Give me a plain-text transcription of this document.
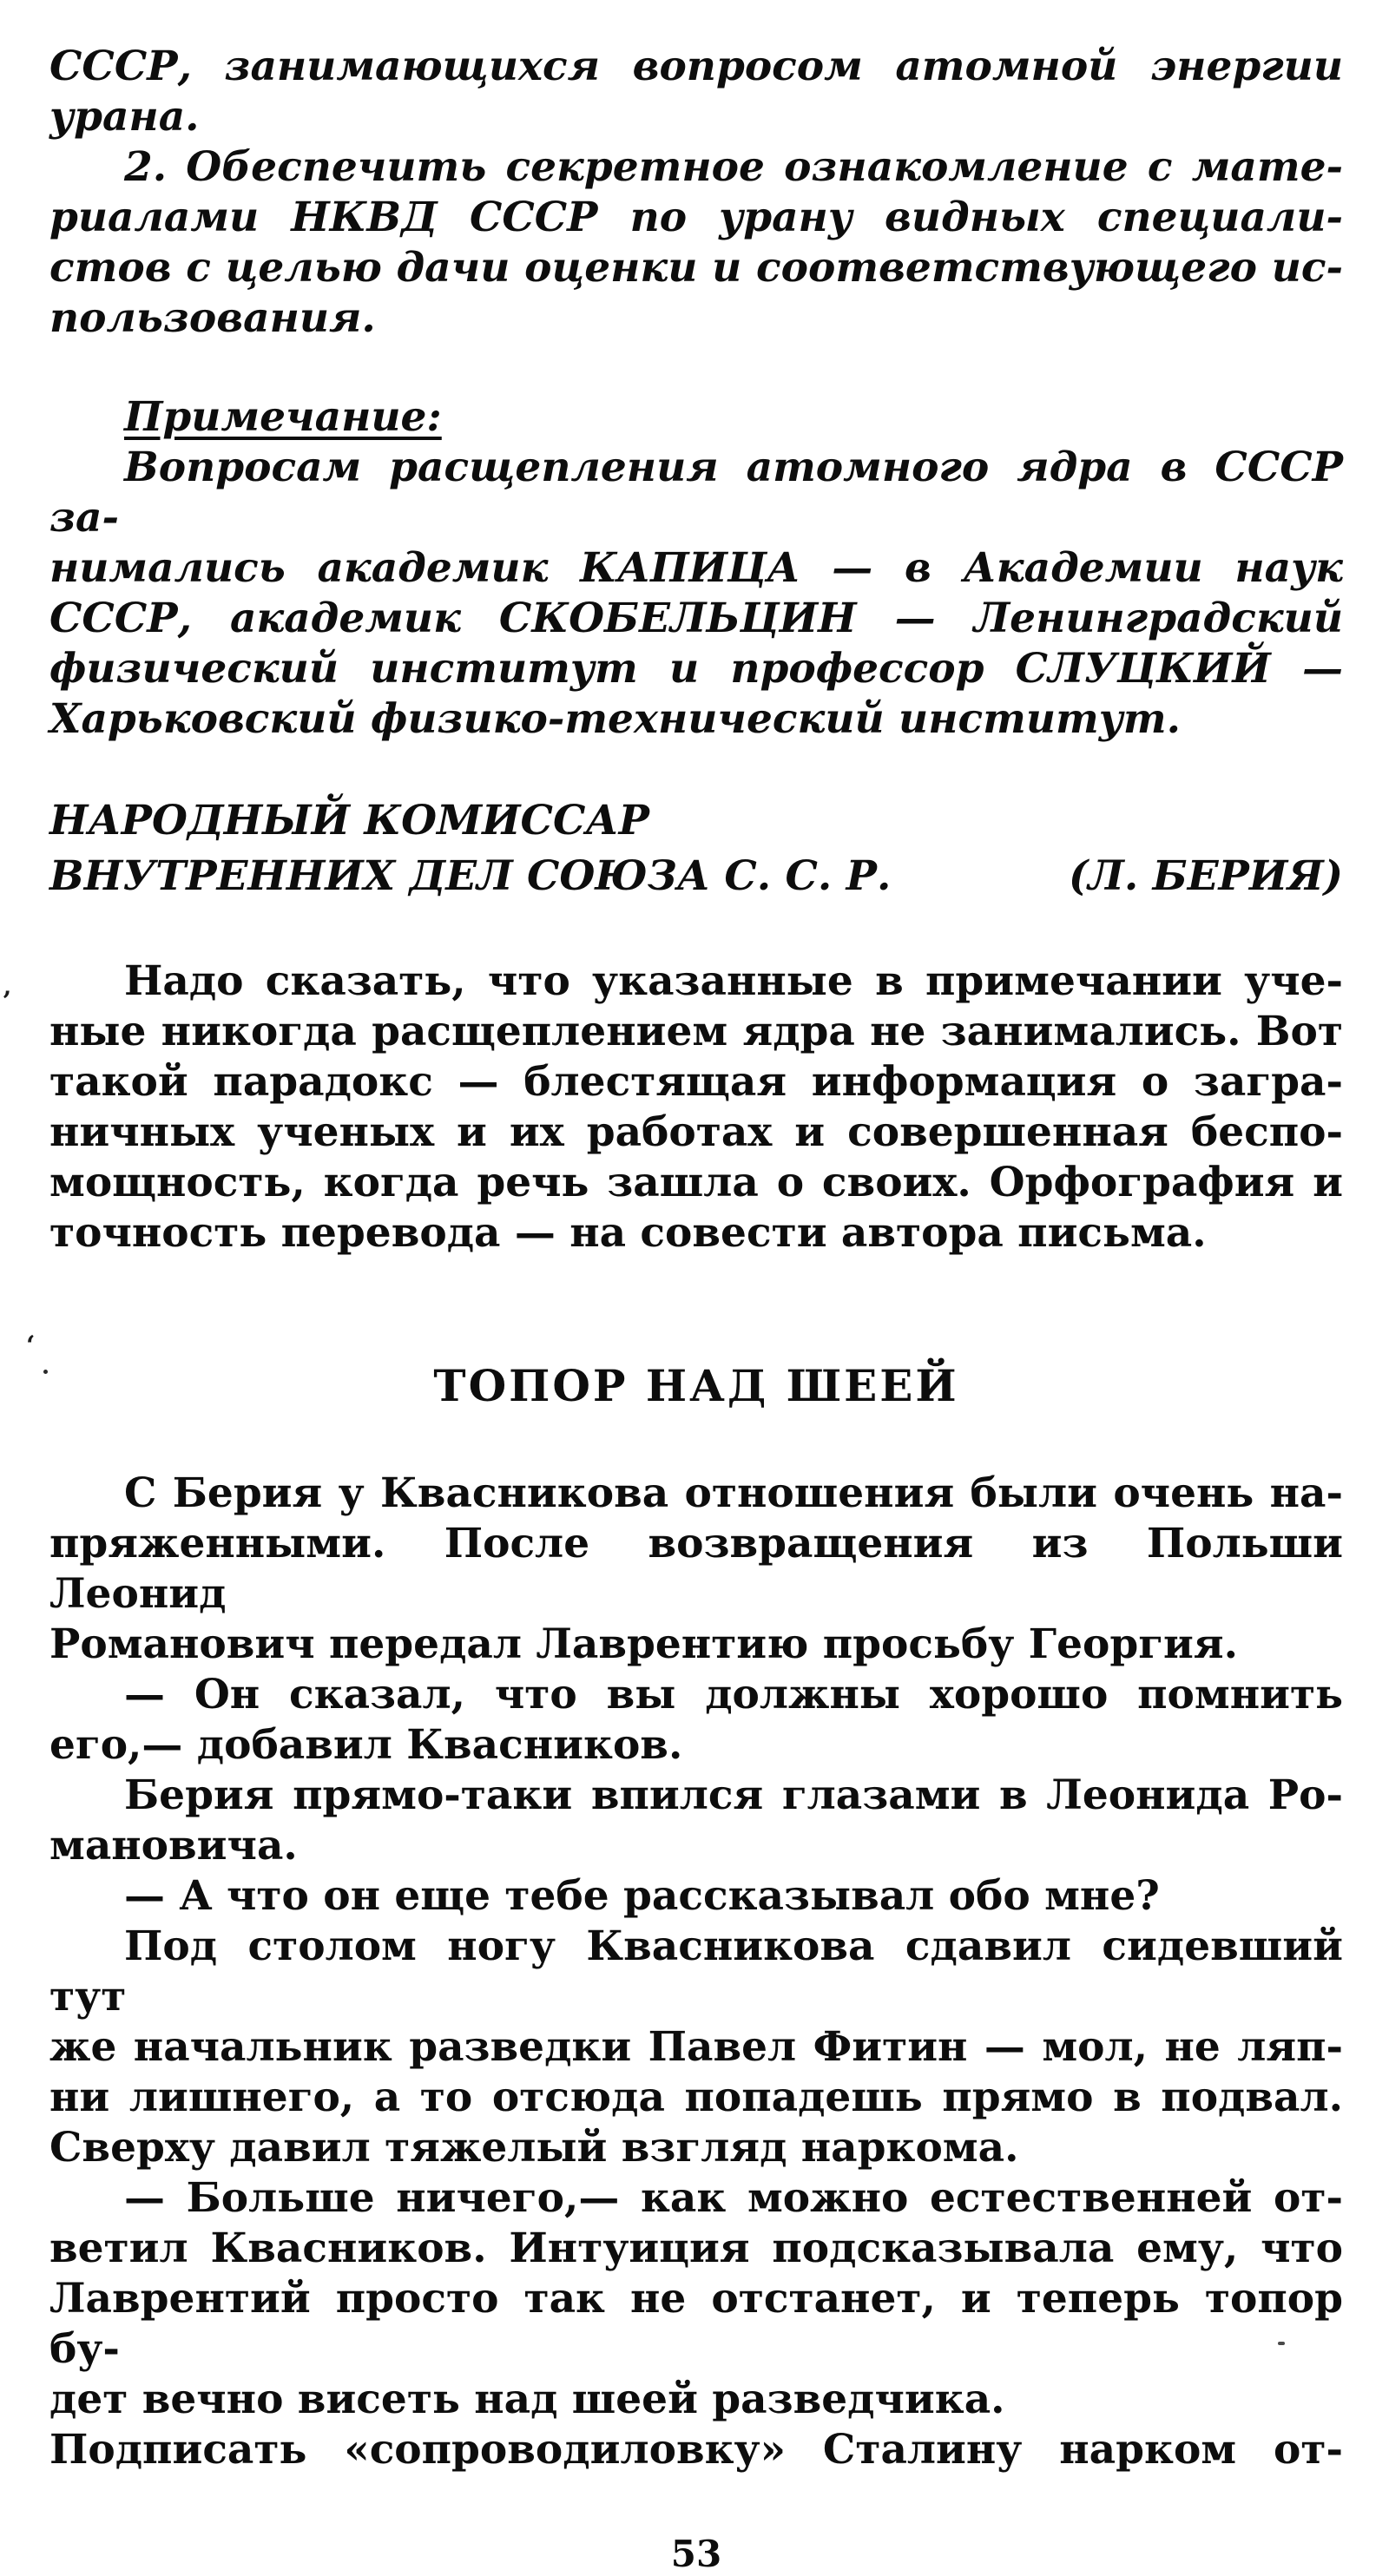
СССР, занимающихся вопросом атомной энергии
урана.
2. Обеспечить секретное ознакомление с мате-
риалами НКВД СССР по урану видных специали-
стов с целью дачи оценки и соответствующего ис-
пользования.
Примечание:
Вопросам расщепления атомного ядра в СССР за-
нимались академик КАПИЦА — в Академии наук
СССР, академик СКОБЕЛЬЦИН — Ленинградский
физический институт и профессор СЛУЦКИЙ —
Харьковский физико-технический институт.
НАРОДНЫЙ КОМИССАР
ВНУТРЕННИХ ДЕЛ СОЮЗА С. С. Р.	(Л. БЕРИЯ)
Надо сказать, что указанные в примечании уче-
ные никогда расщеплением ядра не занимались. Вот
такой парадокс — блестящая информация о загра-
ничных ученых и их работах и совершенная беспо-
мощность, когда речь зашла о своих. Орфография и
точность перевода — на совести автора письма.
ТОПОР НАД ШЕЕЙ
С Берия у Квасникова отношения были очень на-
пряженными. После возвращения из Польши Леонид
Романович передал Лаврентию просьбу Георгия.
— Он сказал, что вы должны хорошо помнить
его,— добавил Квасников.
Берия прямо-таки впился глазами в Леонида Ро-
мановича.
— А что он еще тебе рассказывал обо мне?
Под столом ногу Квасникова сдавил сидевший тут
же начальник разведки Павел Фитин — мол, не ляп-
ни лишнего, а то отсюда попадешь прямо в подвал.
Сверху давил тяжелый взгляд наркома.
— Больше ничего,— как можно естественней от-
ветил Квасников. Интуиция подсказывала ему, что
Лаврентий просто так не отстанет, и теперь топор бу-
дет вечно висеть над шеей разведчика.
Подписать «сопроводиловку» Сталину нарком от-
53
ʼ
ʻ
